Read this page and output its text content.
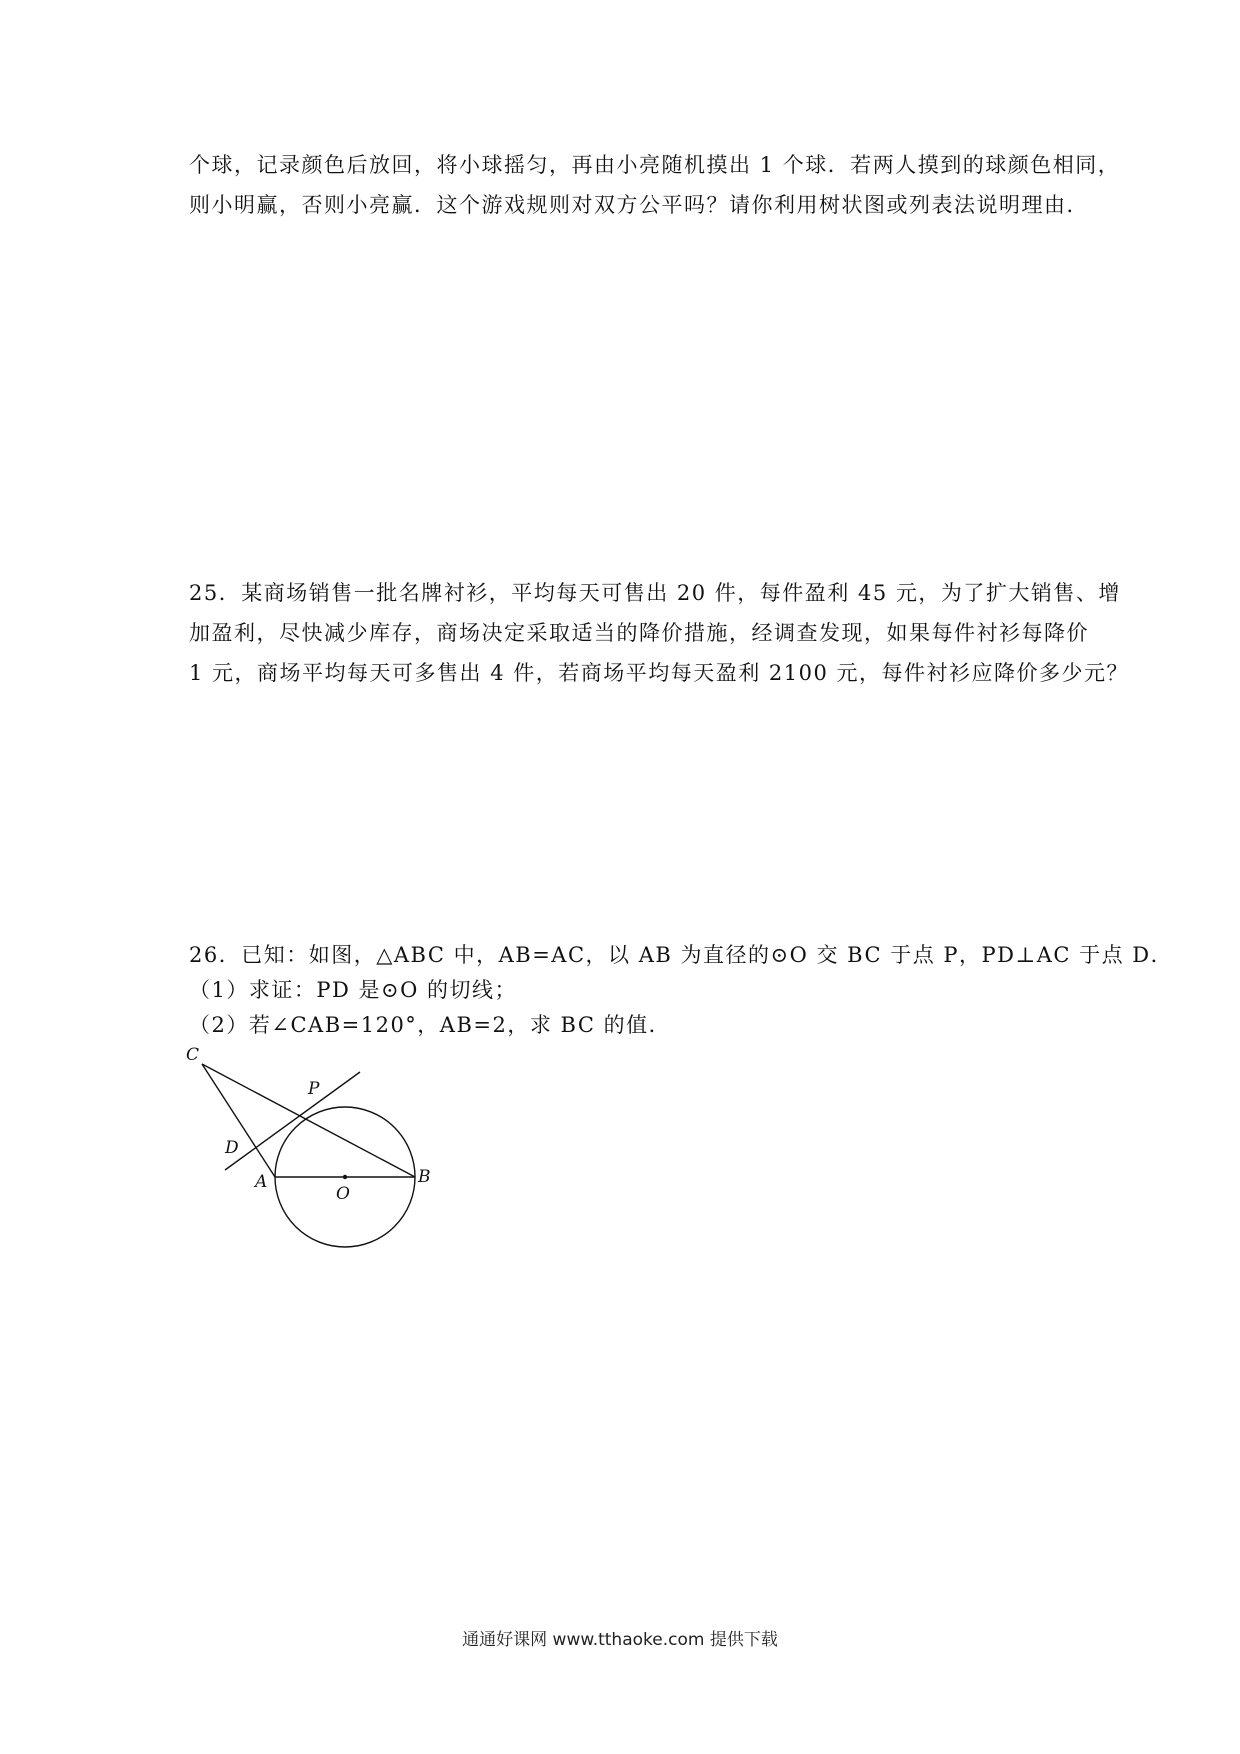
个球，记录颜色后放回，将小球摇匀，再由小亮随机摸出 1 个球．若两人摸到的球颜色相同，
则小明赢，否则小亮赢．这个游戏规则对双方公平吗？请你利用树状图或列表法说明理由．
25．某商场销售一批名牌衬衫，平均每天可售出 20 件，每件盈利 45 元，为了扩大销售、增
加盈利，尽快减少库存，商场决定采取适当的降价措施，经调查发现，如果每件衬衫每降价
1 元，商场平均每天可多售出 4 件，若商场平均每天盈利 2100 元，每件衬衫应降价多少元？
26．已知：如图，△ABC 中，AB=AC，以 AB 为直径的⊙O 交 BC 于点 P，PD⊥AC 于点 D．
（1）求证：PD 是⊙O 的切线；
（2）若∠CAB=120°，AB=2，求 BC 的值．
C
P
D
A
O
B
通通好课网 www.tthaoke.com 提供下载
